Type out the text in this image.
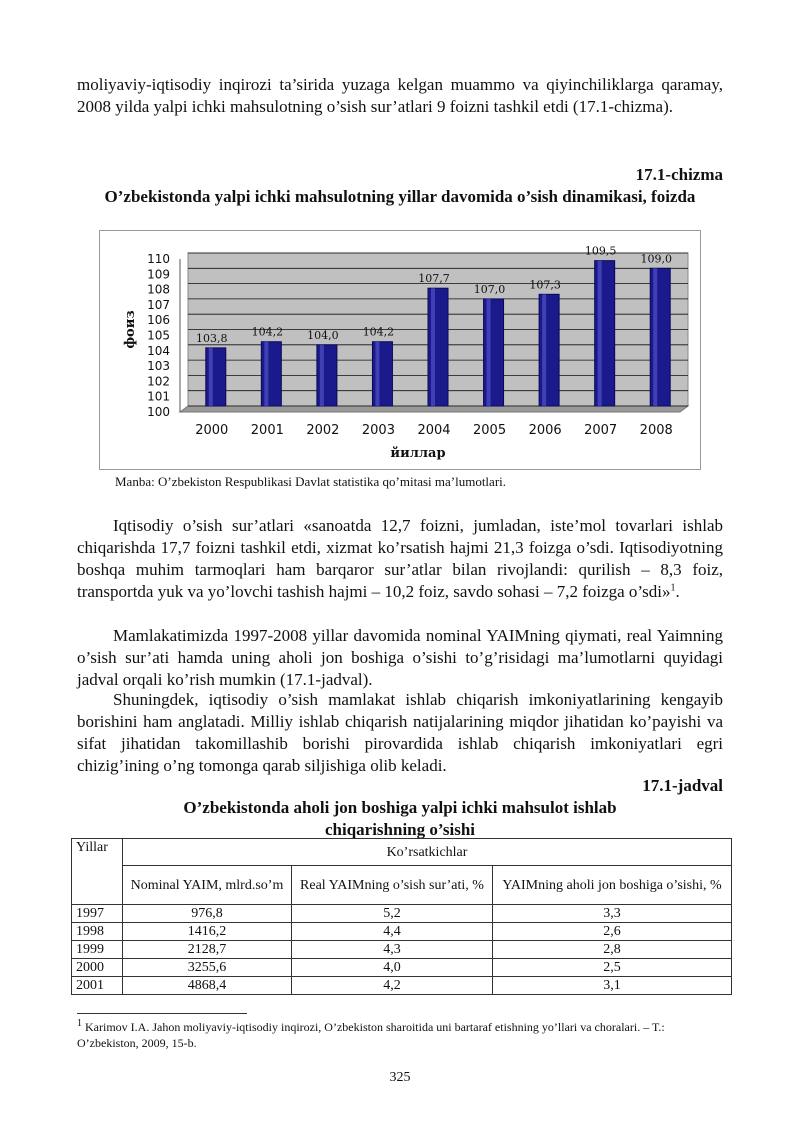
moliyaviy-iqtisodiy inqirozi ta’sirida yuzaga kelgan muammo va qiyinchiliklarga qaramay, 2008 yilda yalpi ichki mahsulotning o’sish sur’atlari 9 foizni tashkil etdi (17.1-chizma).

17.1-chizma

O’zbekistonda yalpi ichki mahsulotning yillar davomida o’sish dinamikasi, foizda

100
101
102
103
104
105
106
107
108
109
110
103,8
2000
104,2
2001
104,0
2002
104,2
2003
107,7
2004
107,0
2005
107,3
2006
109,5
2007
109,0
2008
йиллар
фоиз
Manba: O’zbekiston Respublikasi Davlat statistika qo’mitasi ma’lumotlari.

Iqtisodiy o’sish sur’atlari «sanoatda 12,7 foizni, jumladan, iste’mol tovarlari ishlab chiqarishda 17,7 foizni tashkil etdi, xizmat ko’rsatish hajmi 21,3 foizga o’sdi. Iqtisodiyotning boshqa muhim tarmoqlari ham barqaror sur’atlar bilan rivojlandi: qurilish – 8,3 foiz, transportda yuk va yo’lovchi tashish hajmi – 10,2 foiz, savdo sohasi – 7,2 foizga o’sdi»$^1$.

Mamlakatimizda 1997-2008 yillar davomida nominal YAIMning qiymati, real Yaimning o’sish sur’ati hamda uning aholi jon boshiga o’sishi to’g’risidagi ma’lumotlarni quyidagi jadval orqali ko’rish mumkin (17.1-jadval).

Shuningdek, iqtisodiy o’sish mamlakat ishlab chiqarish imkoniyatlarining kengayib borishini ham anglatadi. Milliy ishlab chiqarish natijalarining miqdor jihatidan ko’payishi va sifat jihatidan takomillashib borishi pirovardida ishlab chiqarish imkoniyatlari egri chizig’ining o’ng tomonga qarab siljishiga olib keladi.

17.1-jadval

O’zbekistonda aholi jon boshiga yalpi ichki mahsulot ishlab chiqarishning o’sishi

Yillar	Ko’rsatkichlar		
	Nominal YAIM, mlrd.so’m	Real YAIMning o’sish sur’ati, %	YAIMning aholi jon boshiga o’sishi, %
1997	976,8	5,2	3,3
1998	1416,2	4,4	2,6
1999	2128,7	4,3	2,8
2000	3255,6	4,0	2,5
2001	4868,4	4,2	3,1

$^1$ Karimov I.A. Jahon moliyaviy-iqtisodiy inqirozi, O’zbekiston sharoitida uni bartaraf etishning yo’llari va choralari. – T.: O’zbekiston, 2009, 15-b.

325
